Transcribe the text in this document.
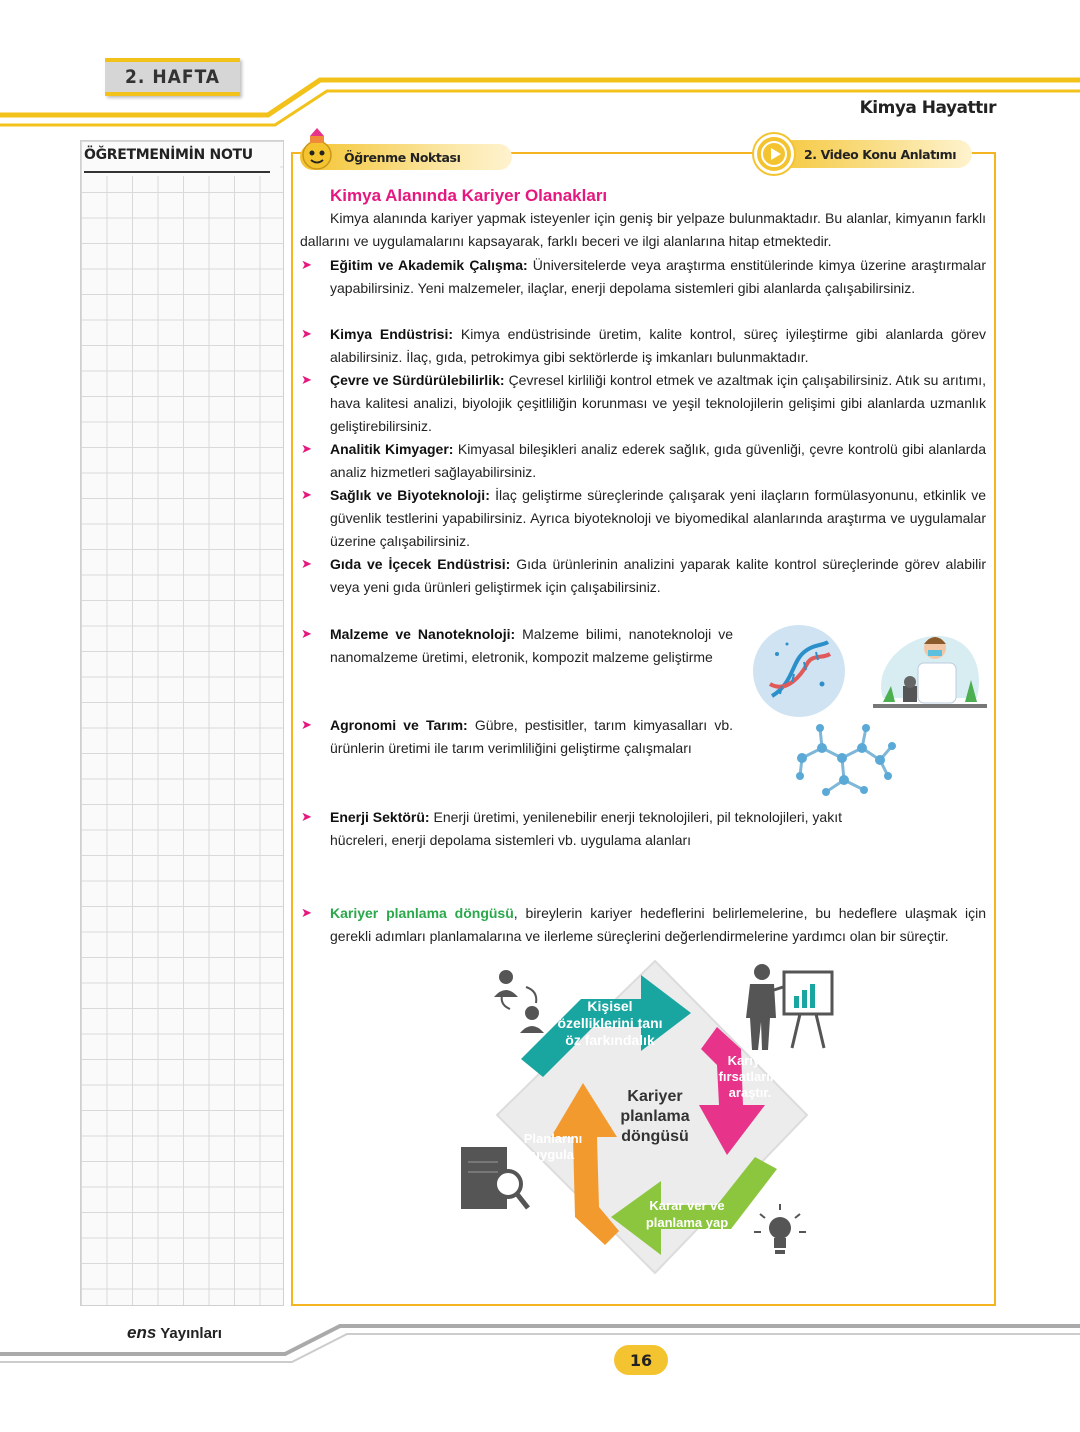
2. HAFTA
Kimya Hayattır
ÖĞRETMENİMİN NOTU	Öğrenme Noktası	2. Video Konu Anlatımı
Kimya Alanında Kariyer Olanakları
Kimya alanında kariyer yapmak isteyenler için geniş bir yelpaze bulunmaktadır. Bu alanlar, kimyanın farklı dallarını ve uygulamalarını kapsayarak, farklı beceri ve ilgi alanlarına hitap etmektedir.
➤ Eğitim ve Akademik Çalışma: Üniversitelerde veya araştırma enstitülerinde kimya üzerine araştırmalar yapabilirsiniz. Yeni malzemeler, ilaçlar, enerji depolama sistemleri gibi alanlarda çalışabilirsiniz.
➤ Kimya Endüstrisi: Kimya endüstrisinde üretim, kalite kontrol, süreç iyileştirme gibi alanlarda görev alabilirsiniz. İlaç, gıda, petrokimya gibi sektörlerde iş imkanları bulunmaktadır.
➤ Çevre ve Sürdürülebilirlik: Çevresel kirliliği kontrol etmek ve azaltmak için çalışabilirsiniz. Atık su arıtımı, hava kalitesi analizi, biyolojik çeşitliliğin korunması ve yeşil teknolojilerin gelişimi gibi alanlarda uzmanlık geliştirebilirsiniz.
➤ Analitik Kimyager: Kimyasal bileşikleri analiz ederek sağlık, gıda güvenliği, çevre kontrolü gibi alanlarda analiz hizmetleri sağlayabilirsiniz.
➤ Sağlık ve Biyoteknoloji: İlaç geliştirme süreçlerinde çalışarak yeni ilaçların formülasyonunu, etkinlik ve güvenlik testlerini yapabilirsiniz. Ayrıca biyoteknoloji ve biyomedikal alanlarında araştırma ve uygulamalar üzerine çalışabilirsiniz.
➤ Gıda ve İçecek Endüstrisi: Gıda ürünlerinin analizini yaparak kalite kontrol süreçlerinde görev alabilir veya yeni gıda ürünleri geliştirmek için çalışabilirsiniz.
➤ Malzeme ve Nanoteknoloji: Malzeme bilimi, nanoteknoloji ve nanomalzeme üretimi, eletronik, kompozit malzeme geliştirme
➤ Agronomi ve Tarım: Gübre, pestisitler, tarım kimyasalları vb. ürünlerin üretimi ile tarım verimliliğini geliştirme çalışmaları
➤ Enerji Sektörü: Enerji üretimi, yenilenebilir enerji teknolojileri, pil teknolojileri, yakıt hücreleri, enerji depolama sistemleri vb. uygulama alanları
➤ Kariyer planlama döngüsü, bireylerin kariyer hedeflerini belirlemelerine, bu hedeflere ulaşmak için gerekli adımları planlamalarına ve ilerleme süreçlerini değerlendirmelerine yardımcı olan bir süreçtir.
Kişisel
özelliklerini tanı
öz farkındalık
Kariyer
fırsatlarını
araştır.
Karar ver ve
planlama yap
Planlarını
uygula
Kariyer
planlama
döngüsü
ens Yayınları
16
